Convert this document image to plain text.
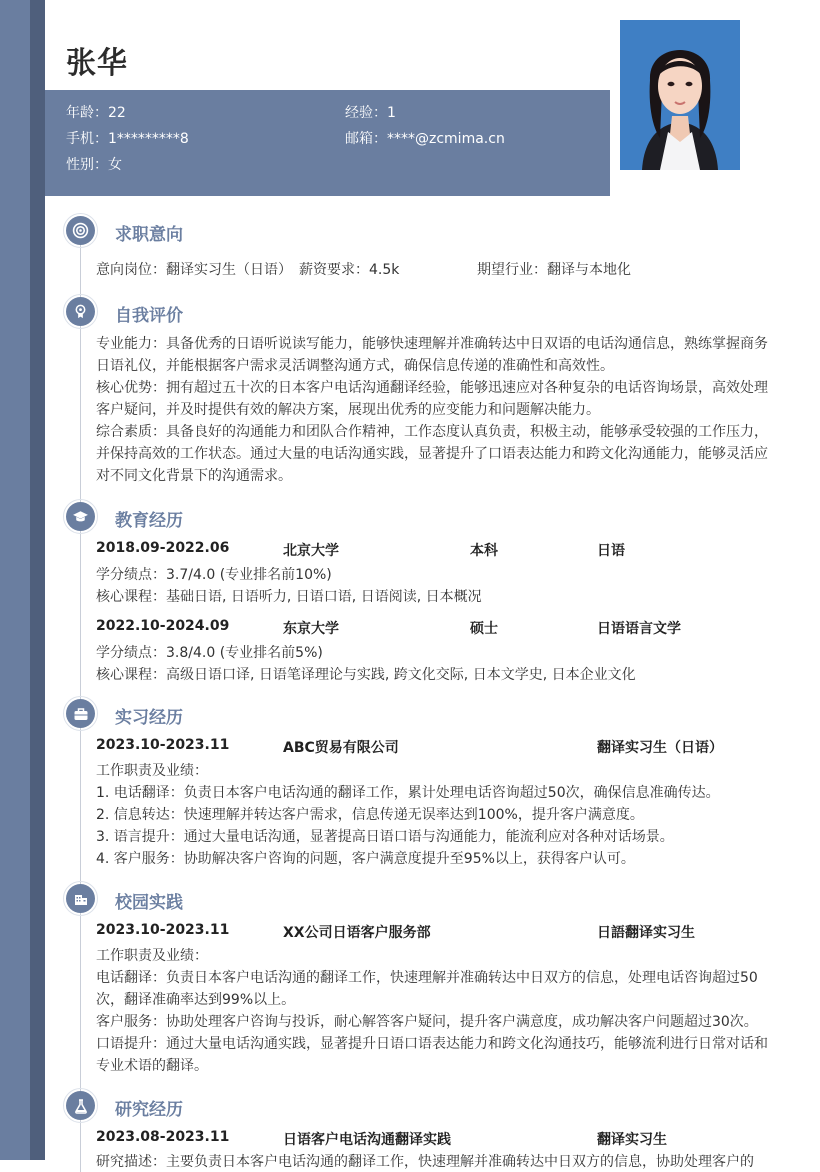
张华
年龄：22	经验：1
手机：1*********8	邮箱：****@zcmima.cn
性别：女
求职意向
意向岗位：翻译实习生（日语） 薪资要求：4.5k	期望行业：翻译与本地化
自我评价
专业能力：具备优秀的日语听说读写能力，能够快速理解并准确转达中日双语的电话沟通信息，熟练掌握商务日语礼仪，并能根据客户需求灵活调整沟通方式，确保信息传递的准确性和高效性。
核心优势：拥有超过五十次的日本客户电话沟通翻译经验，能够迅速应对各种复杂的电话咨询场景，高效处理客户疑问，并及时提供有效的解决方案，展现出优秀的应变能力和问题解决能力。
综合素质：具备良好的沟通能力和团队合作精神，工作态度认真负责，积极主动，能够承受较强的工作压力，并保持高效的工作状态。通过大量的电话沟通实践，显著提升了口语表达能力和跨文化沟通能力，能够灵活应对不同文化背景下的沟通需求。
教育经历
2018.09-2022.06	北京大学	本科	日语
学分绩点：3.7/4.0 (专业排名前10%)
核心课程：基础日语, 日语听力, 日语口语, 日语阅读, 日本概况
2022.10-2024.09	东京大学	硕士	日语语言文学
学分绩点：3.8/4.0 (专业排名前5%)
核心课程：高级日语口译, 日语笔译理论与实践, 跨文化交际, 日本文学史, 日本企业文化
实习经历
2023.10-2023.11	ABC贸易有限公司	翻译实习生（日语）
工作职责及业绩：
1. 电话翻译：负责日本客户电话沟通的翻译工作，累计处理电话咨询超过50次，确保信息准确传达。
2. 信息转达：快速理解并转达客户需求，信息传递无误率达到100%，提升客户满意度。
3. 语言提升：通过大量电话沟通，显著提高日语口语与沟通能力，能流利应对各种对话场景。
4. 客户服务：协助解决客户咨询的问题，客户满意度提升至95%以上，获得客户认可。
校园实践
2023.10-2023.11	XX公司日语客户服务部	日語翻译实习生
工作职责及业绩：
电话翻译：负责日本客户电话沟通的翻译工作，快速理解并准确转达中日双方的信息，处理电话咨询超过50次，翻译准确率达到99%以上。
客户服务：协助处理客户咨询与投诉，耐心解答客户疑问，提升客户满意度，成功解决客户问题超过30次。
口语提升：通过大量电话沟通实践，显著提升日语口语表达能力和跨文化沟通技巧，能够流利进行日常对话和专业术语的翻译。
研究经历
2023.08-2023.11	日语客户电话沟通翻译实践	翻译实习生
研究描述：主要负责日本客户电话沟通的翻译工作，快速理解并准确转达中日双方的信息，协助处理客户的
